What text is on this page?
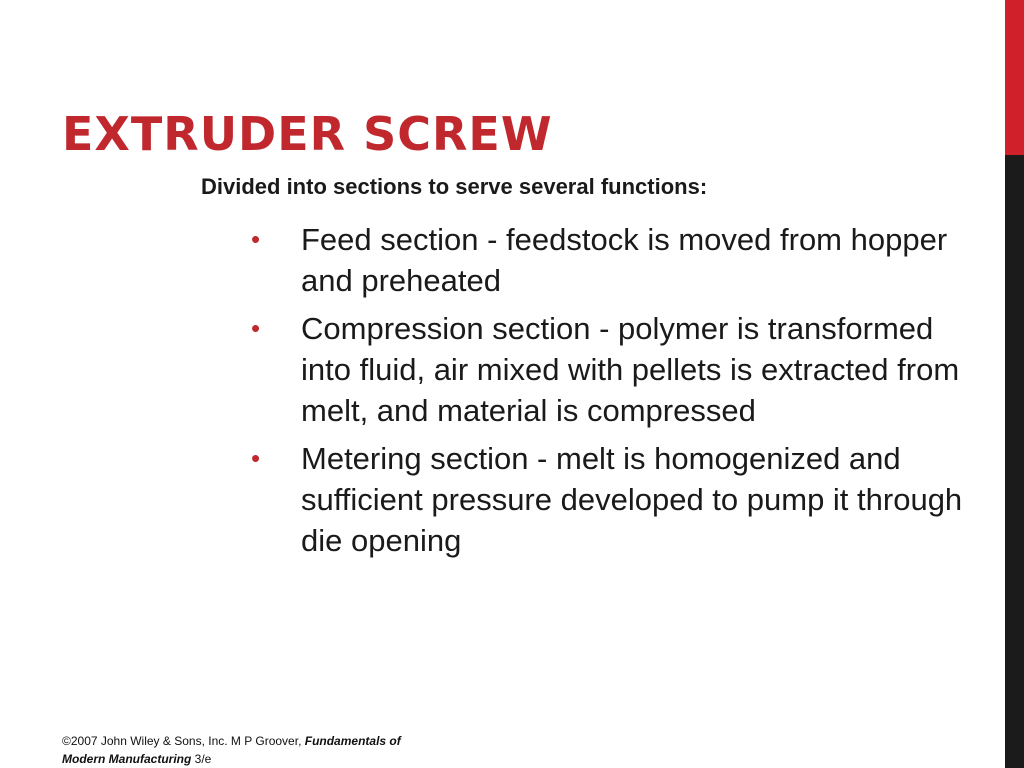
EXTRUDER SCREW

Divided into sections to serve several functions:

• Feed section - feedstock is moved from hopper and preheated
• Compression section - polymer is transformed into fluid, air mixed with pellets is extracted from melt, and material is compressed
• Metering section - melt is homogenized and sufficient pressure developed to pump it through die opening

©2007 John Wiley & Sons, Inc. M P Groover, Fundamentals of Modern Manufacturing 3/e
